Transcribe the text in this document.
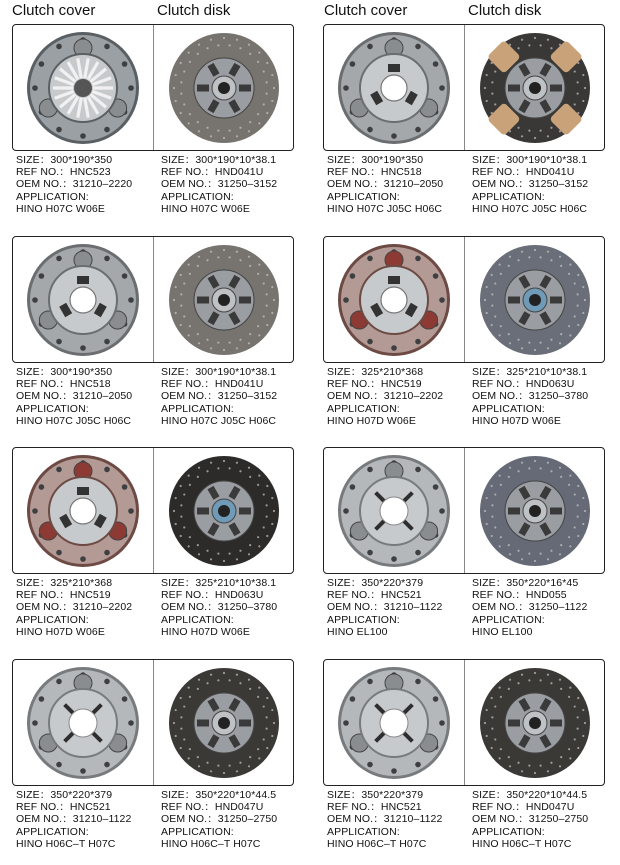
Clutch cover	Clutch disk	Clutch cover	Clutch disk
SIZE：300*190*350
REF NO.：HNC523
OEM NO.：31210–2220
APPLICATION:
HINO H07C W06E
SIZE：300*190*10*38.1
REF NO.：HND041U
OEM NO.：31250–3152
APPLICATION:
HINO H07C W06E
SIZE：300*190*350
REF NO.：HNC518
OEM NO.：31210–2050
APPLICATION:
HINO H07C J05C H06C
SIZE：300*190*10*38.1
REF NO.：HND041U
OEM NO.：31250–3152
APPLICATION:
HINO H07C J05C H06C
SIZE：300*190*350
REF NO.：HNC518
OEM NO.：31210–2050
APPLICATION:
HINO H07C J05C H06C
SIZE：300*190*10*38.1
REF NO.：HND041U
OEM NO.：31250–3152
APPLICATION:
HINO H07C J05C H06C
SIZE：325*210*368
REF NO.：HNC519
OEM NO.：31210–2202
APPLICATION:
HINO H07D W06E
SIZE：325*210*10*38.1
REF NO.：HND063U
OEM NO.：31250–3780
APPLICATION:
HINO H07D W06E
SIZE：325*210*368
REF NO.：HNC519
OEM NO.：31210–2202
APPLICATION:
HINO H07D W06E
SIZE：325*210*10*38.1
REF NO.：HND063U
OEM NO.：31250–3780
APPLICATION:
HINO H07D W06E
SIZE：350*220*379
REF NO.：HNC521
OEM NO.：31210–1122
APPLICATION:
HINO EL100
SIZE：350*220*16*45
REF NO.：HND055
OEM NO.：31250–1122
APPLICATION:
HINO EL100
SIZE：350*220*379
REF NO.：HNC521
OEM NO.：31210–1122
APPLICATION:
HINO H06C–T H07C
SIZE：350*220*10*44.5
REF NO.：HND047U
OEM NO.：31250–2750
APPLICATION:
HINO H06C–T H07C
SIZE：350*220*379
REF NO.：HNC521
OEM NO.：31210–1122
APPLICATION:
HINO H06C–T H07C
SIZE：350*220*10*44.5
REF NO.：HND047U
OEM NO.：31250–2750
APPLICATION:
HINO H06C–T H07C
